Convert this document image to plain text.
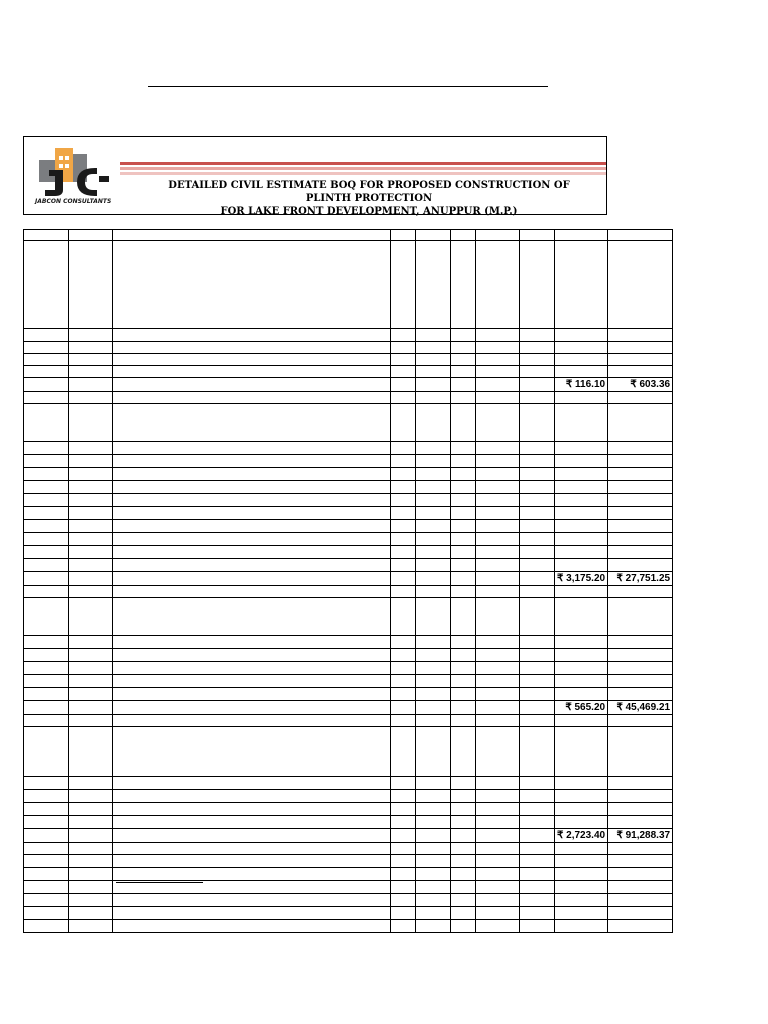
JABCON CONSULTANTS
DETAILED CIVIL ESTIMATE BOQ FOR PROPOSED CONSTRUCTION OF PLINTH PROTECTION
FOR LAKE FRONT DEVELOPMENT, ANUPPUR (M.P.)

								₹ 116.10	₹ 603.36

								₹ 3,175.20	₹ 27,751.25

								₹ 565.20	₹ 45,469.21

								₹ 2,723.40	₹ 91,288.37
